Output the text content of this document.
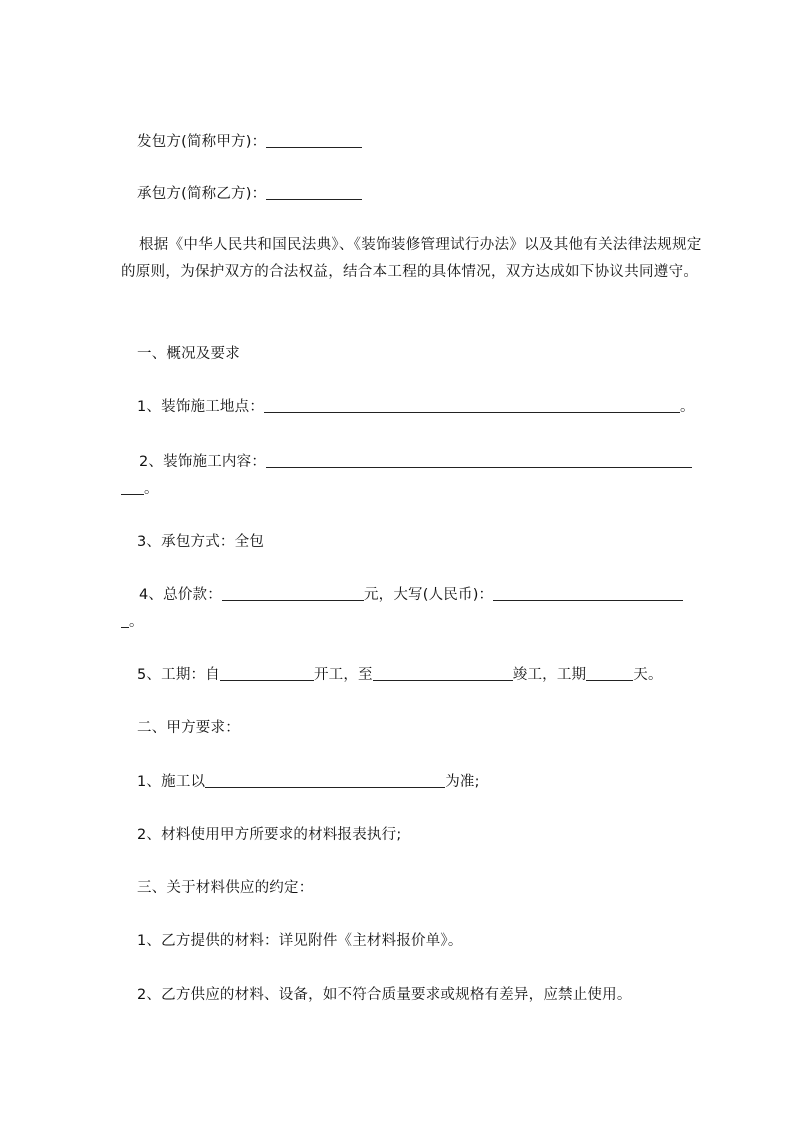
发包方(简称甲方)：
承包方(简称乙方)：
根据《中华人民共和国民法典》、《装饰装修管理试行办法》以及其他有关法律法规规定的原则，为保护双方的合法权益，结合本工程的具体情况，双方达成如下协议共同遵守。
一、概况及要求
1、装饰施工地点：	。
2、装饰施工内容：
。
3、承包方式：全包
4、总价款：	元，大写(人民币)：
。
5、工期：自	开工，至	竣工，工期	天。
二、甲方要求：
1、施工以	为准;
2、材料使用甲方所要求的材料报表执行;
三、关于材料供应的约定：
1、乙方提供的材料：详见附件《主材料报价单》。
2、乙方供应的材料、设备，如不符合质量要求或规格有差异，应禁止使用。
